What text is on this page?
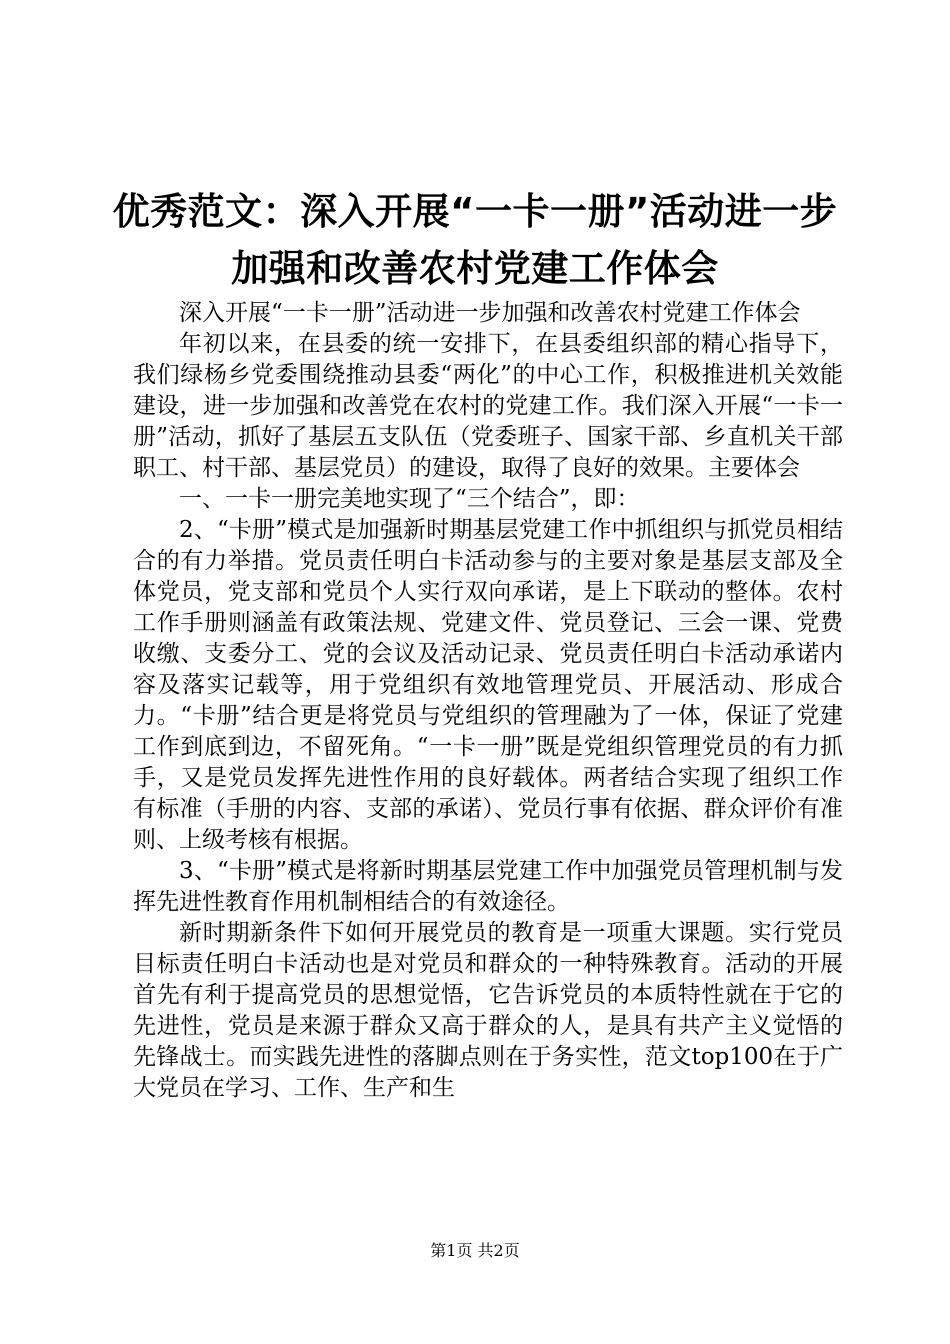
优秀范文：深入开展“一卡一册”活动进一步
加强和改善农村党建工作体会

深入开展“一卡一册”活动进一步加强和改善农村党建工作体会

年初以来，在县委的统一安排下，在县委组织部的精心指导下，我们绿杨乡党委围绕推动县委“两化”的中心工作，积极推进机关效能建设，进一步加强和改善党在农村的党建工作。我们深入开展“一卡一册”活动，抓好了基层五支队伍（党委班子、国家干部、乡直机关干部职工、村干部、基层党员）的建设，取得了良好的效果。主要体会

一、一卡一册完美地实现了“三个结合”，即：

2、“卡册”模式是加强新时期基层党建工作中抓组织与抓党员相结合的有力举措。党员责任明白卡活动参与的主要对象是基层支部及全体党员，党支部和党员个人实行双向承诺，是上下联动的整体。农村工作手册则涵盖有政策法规、党建文件、党员登记、三会一课、党费收缴、支委分工、党的会议及活动记录、党员责任明白卡活动承诺内容及落实记载等，用于党组织有效地管理党员、开展活动、形成合力。“卡册”结合更是将党员与党组织的管理融为了一体，保证了党建工作到底到边，不留死角。“一卡一册”既是党组织管理党员的有力抓手，又是党员发挥先进性作用的良好载体。两者结合实现了组织工作有标准（手册的内容、支部的承诺）、党员行事有依据、群众评价有准则、上级考核有根据。

3、“卡册”模式是将新时期基层党建工作中加强党员管理机制与发挥先进性教育作用机制相结合的有效途径。

新时期新条件下如何开展党员的教育是一项重大课题。实行党员目标责任明白卡活动也是对党员和群众的一种特殊教育。活动的开展首先有利于提高党员的思想觉悟，它告诉党员的本质特性就在于它的先进性，党员是来源于群众又高于群众的人，是具有共产主义觉悟的先锋战士。而实践先进性的落脚点则在于务实性，范文top100在于广大党员在学习、工作、生产和生

第1页 共2页
